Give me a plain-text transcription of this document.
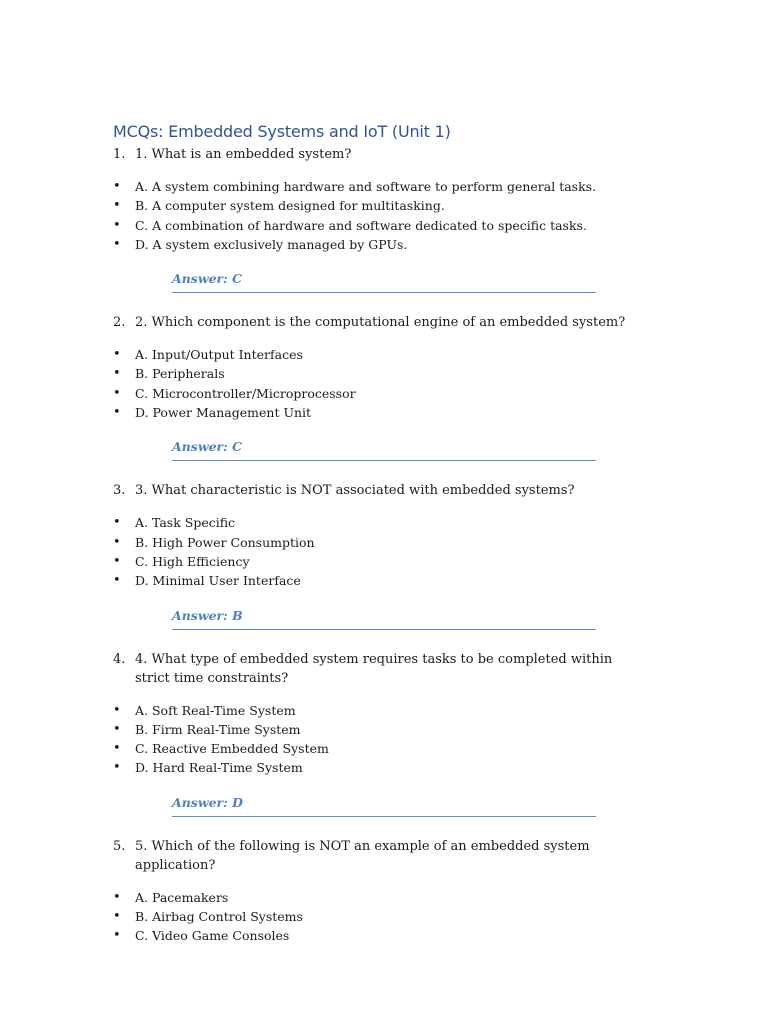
MCQs: Embedded Systems and IoT (Unit 1)
1. 1. What is an embedded system?
•	A. A system combining hardware and software to perform general tasks.
•	B. A computer system designed for multitasking.
•	C. A combination of hardware and software dedicated to specific tasks.
•	D. A system exclusively managed by GPUs.
Answer: C
2. 2. Which component is the computational engine of an embedded system?
•	A. Input/Output Interfaces
•	B. Peripherals
•	C. Microcontroller/Microprocessor
•	D. Power Management Unit
Answer: C
3. 3. What characteristic is NOT associated with embedded systems?
•	A. Task Specific
•	B. High Power Consumption
•	C. High Efficiency
•	D. Minimal User Interface
Answer: B
4. 4. What type of embedded system requires tasks to be completed within strict time constraints?
•	A. Soft Real-Time System
•	B. Firm Real-Time System
•	C. Reactive Embedded System
•	D. Hard Real-Time System
Answer: D
5. 5. Which of the following is NOT an example of an embedded system application?
•	A. Pacemakers
•	B. Airbag Control Systems
•	C. Video Game Consoles
